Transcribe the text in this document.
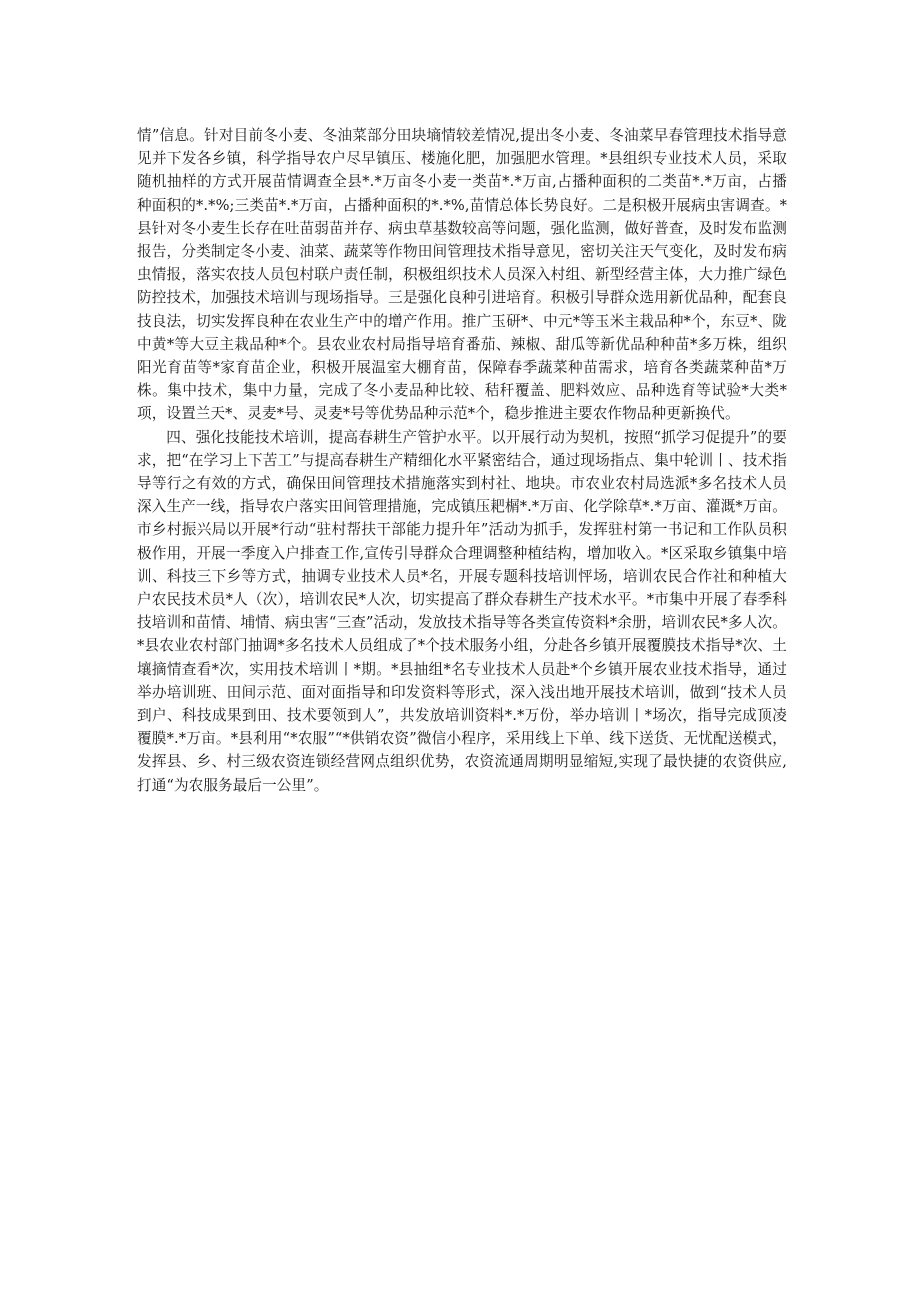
情”信息。针对目前冬小麦、冬油菜部分田块墒情较差情况,提出冬小麦、冬油菜早春管理技术指导意见并下发各乡镇，科学指导农户尽早镇压、楼施化肥，加强肥水管理。*县组织专业技术人员，采取随机抽样的方式开展苗情调查全县*.*万亩冬小麦一类苗*.*万亩,占播种面积的二类苗*.*万亩，占播种面积的*.*%;三类苗*.*万亩，占播种面积的*.*%,苗情总体长势良好。二是积极开展病虫害调查。*县针对冬小麦生长存在吐苗弱苗并存、病虫草基数较高等问题，强化监测，做好普查，及时发布监测报告，分类制定冬小麦、油菜、蔬菜等作物田间管理技术指导意见，密切关注天气变化，及时发布病虫情报，落实农技人员包村联户责任制，积极组织技术人员深入村组、新型经营主体，大力推广绿色防控技术，加强技术培训与现场指导。三是强化良种引进培育。积极引导群众选用新优品种，配套良技良法，切实发挥良种在农业生产中的增产作用。推广玉研*、中元*等玉米主栽品种*个，东豆*、陇中黄*等大豆主栽品种*个。县农业农村局指导培育番茄、辣椒、甜瓜等新优品种种苗*多万株，组织阳光育苗等*家育苗企业，积极开展温室大棚育苗，保障春季蔬菜种苗需求，培育各类蔬菜种苗*万株。集中技术，集中力量，完成了冬小麦品种比较、秸秆覆盖、肥料效应、品种选育等试验*大类*项，设置兰天*、灵麦*号、灵麦*号等优势品种示范*个，稳步推进主要农作物品种更新换代。

四、强化技能技术培训，提高春耕生产管护水平。以开展行动为契机，按照“抓学习促提升”的要求，把“在学习上下苦工”与提高春耕生产精细化水平紧密结合，通过现场指点、集中轮训丨、技术指导等行之有效的方式，确保田间管理技术措施落实到村社、地块。市农业农村局选派*多名技术人员深入生产一线，指导农户落实田间管理措施，完成镇压耙榍*.*万亩、化学除草*.*万亩、灌溉*万亩。市乡村振兴局以开展*行动“驻村帮扶干部能力提升年”活动为抓手，发挥驻村第一书记和工作队员积极作用，开展一季度入户排查工作,宣传引导群众合理调整种植结构，增加收入。*区采取乡镇集中培训、科技三下乡等方式，抽调专业技术人员*名，开展专题科技培训怦场，培训农民合作社和种植大户农民技术员*人（次），培训农民*人次，切实提高了群众春耕生产技术水平。*市集中开展了春季科技培训和苗情、埔情、病虫害“三查”活动，发放技术指导等各类宣传资料*余册，培训农民*多人次。*县农业农村部门抽调*多名技术人员组成了*个技术服务小组，分赴各乡镇开展覆膜技术指导*次、土壤摘情查看*次，实用技术培训丨*期。*县抽组*名专业技术人员赴*个乡镇开展农业技术指导，通过举办培训班、田间示范、面对面指导和印发资料等形式，深入浅出地开展技术培训，做到“技术人员到户、科技成果到田、技术要领到人”，共发放培训资料*.*万份，举办培训丨*场次，指导完成顶凌覆膜*.*万亩。*县利用“*农服”“*供销农资”微信小程序，采用线上下单、线下送货、无忧配送模式，发挥县、乡、村三级农资连锁经营网点组织优势，农资流通周期明显缩短,实现了最快捷的农资供应,打通“为农服务最后一公里”。
